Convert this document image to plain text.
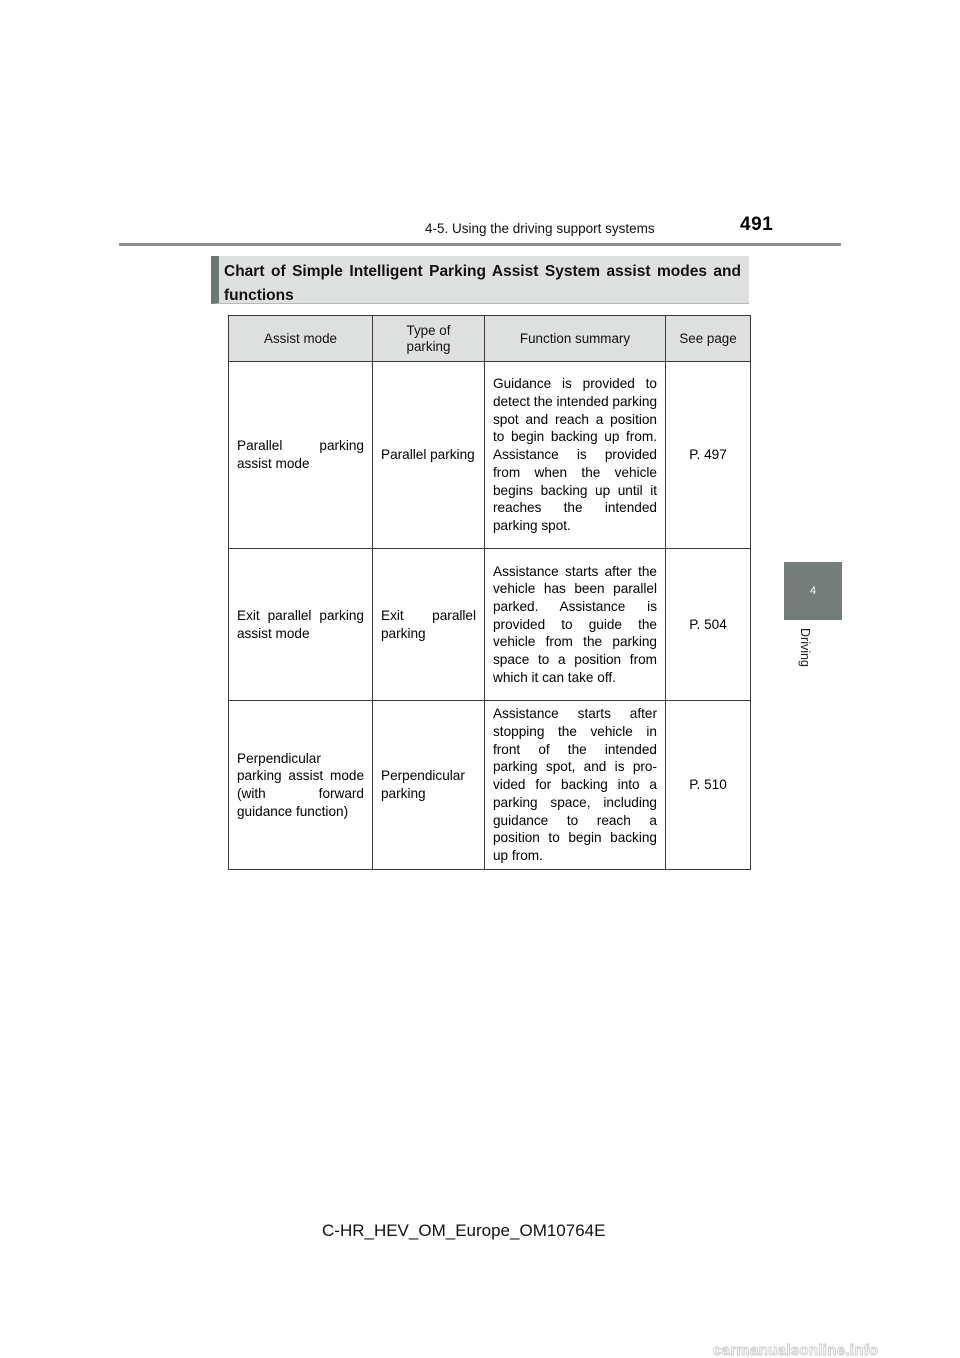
4-5. Using the driving support systems	491
4
Driving
Chart of Simple Intelligent Parking Assist System assist modes and functions
Assist mode	Type of parking	Function summary	See page
Parallel parking assist mode	Parallel parking	Guidance is provided to detect the intended parking spot and reach a position to begin backing up from. Assistance is provided from when the vehicle begins backing up until it reaches the intended parking spot.	P. 497
Exit parallel parking assist mode	Exit parallel parking	Assistance starts after the vehicle has been parallel parked. Assistance is provided to guide the vehicle from the parking space to a position from which it can take off.	P. 504
Perpendicular parking assist mode (with forward guidance function)	Perpendicular parking	Assistance starts after stopping the vehicle in front of the intended parking spot, and is provided for backing into a parking space, including guidance to reach a position to begin backing up from.	P. 510
C-HR_HEV_OM_Europe_OM10764E
carmanualsonline.info
